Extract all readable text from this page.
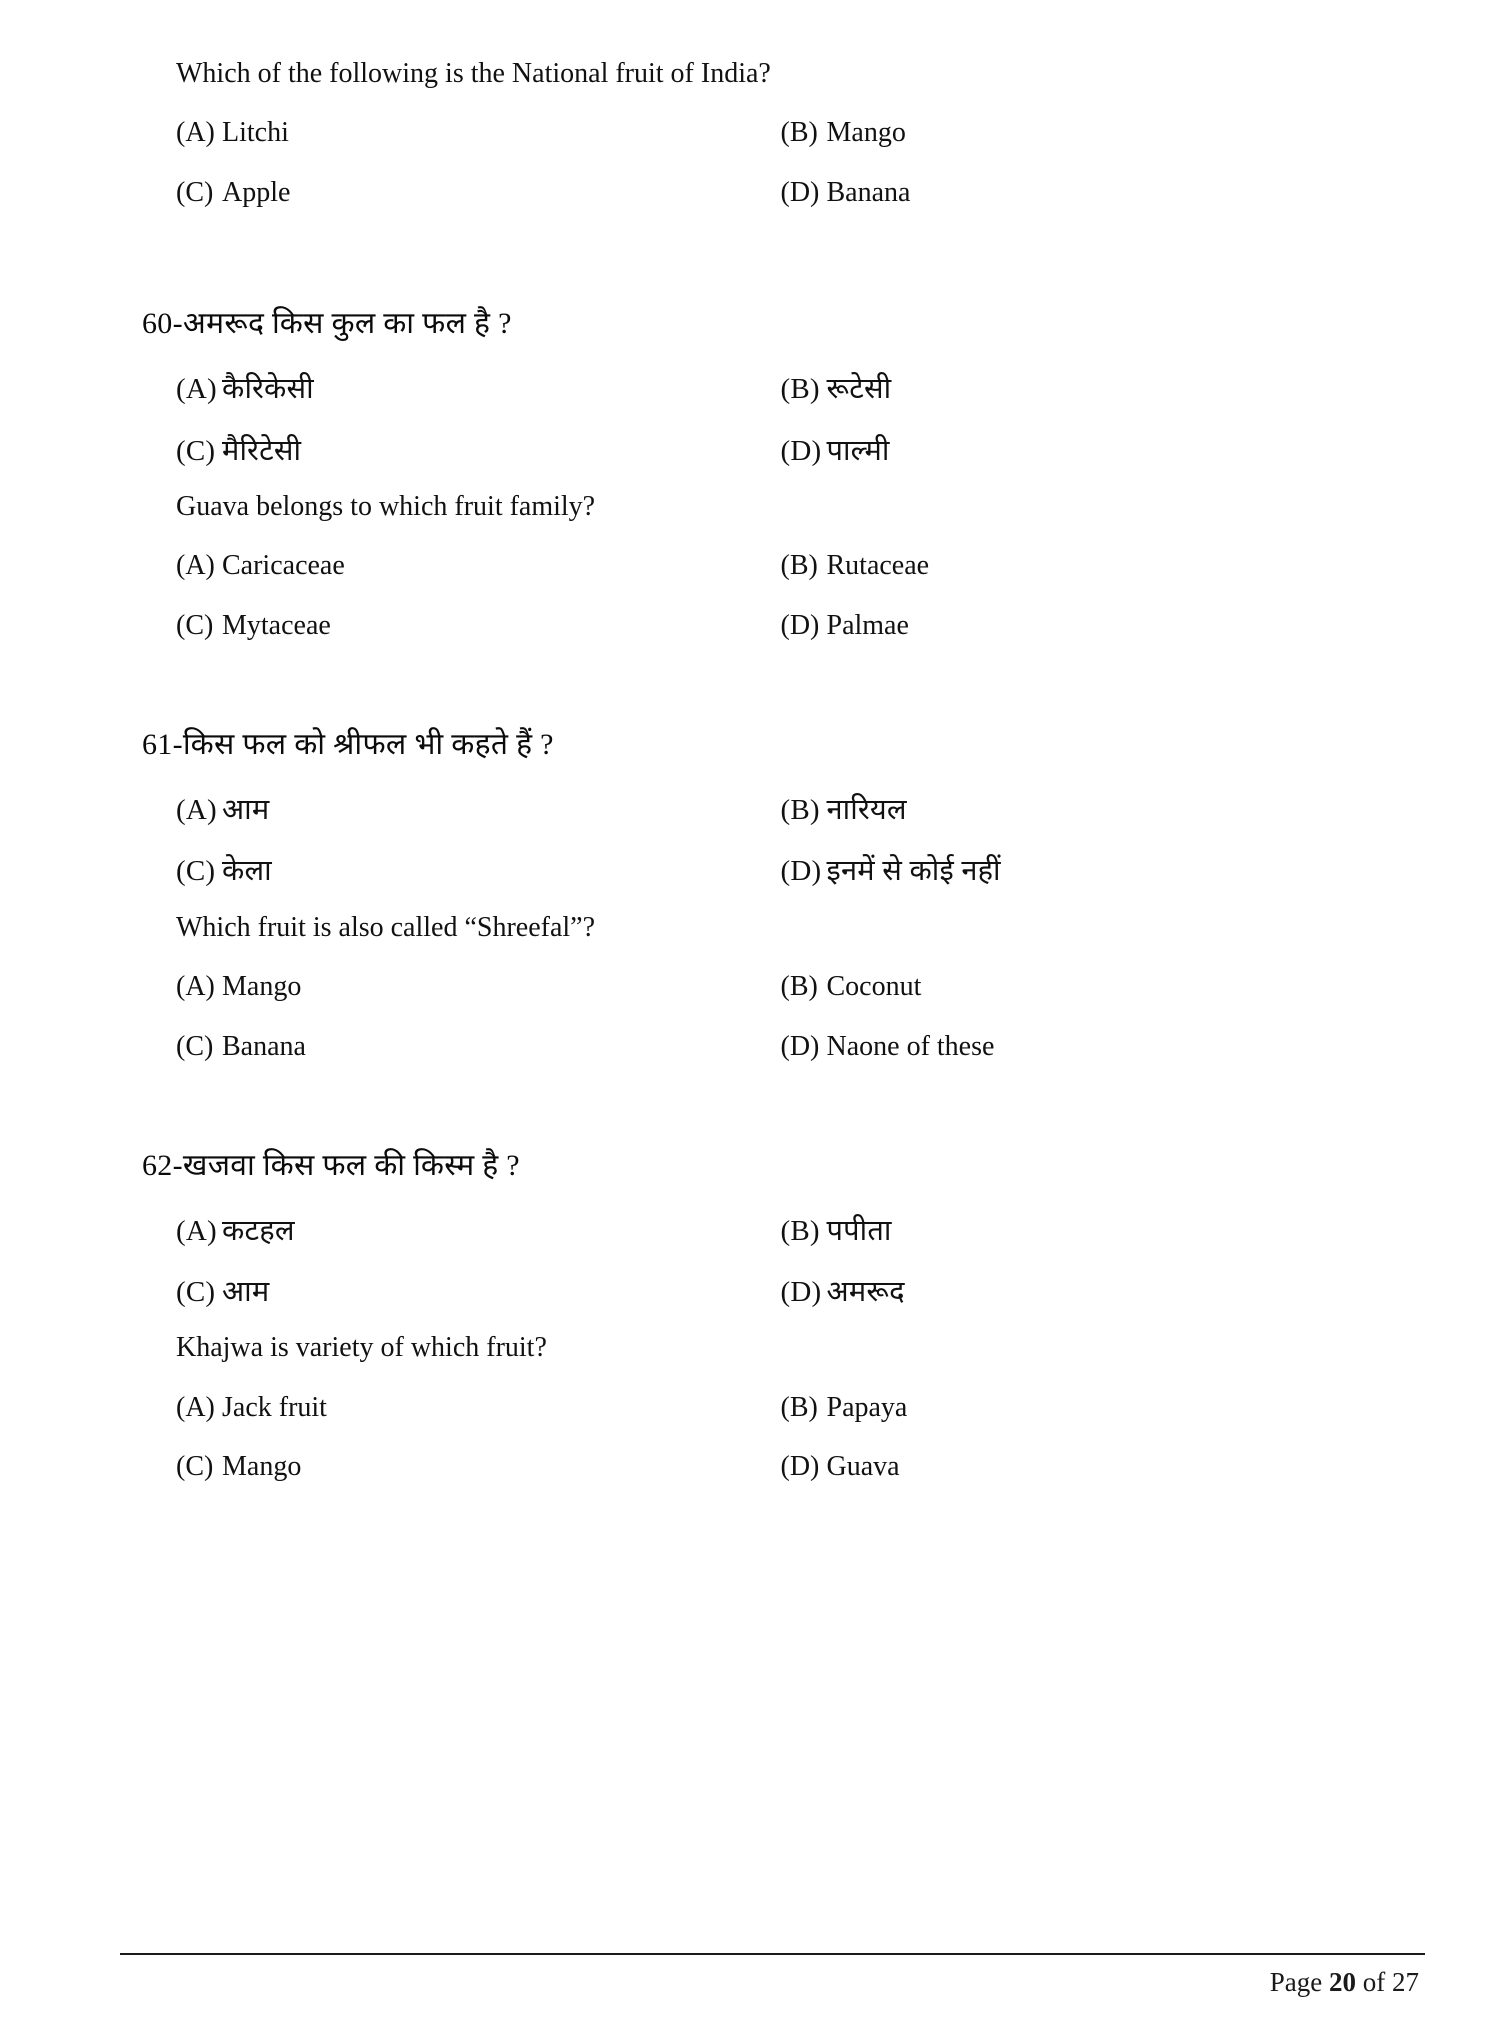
Which of the following is the National fruit of India?
(A) Litchi	(B) Mango
(C) Apple	(D) Banana
60-अमरूद किस कुल का फल है ?
(A) कैरिकेसी	(B) रूटेसी
(C) मैरिटेसी	(D) पाल्मी
Guava belongs to which fruit family?
(A) Caricaceae	(B) Rutaceae
(C) Mytaceae	(D) Palmae
61-किस फल को श्रीफल भी कहते हैं ?
(A) आम	(B) नारियल
(C) केला	(D) इनमें से कोई नहीं
Which fruit is also called “Shreefal”?
(A) Mango	(B) Coconut
(C) Banana	(D) Naone of these
62-खजवा किस फल की किस्म है ?
(A) कटहल	(B) पपीता
(C) आम	(D) अमरूद
Khajwa is variety of which fruit?
(A) Jack fruit	(B) Papaya
(C) Mango	(D) Guava
Page 20 of 27
